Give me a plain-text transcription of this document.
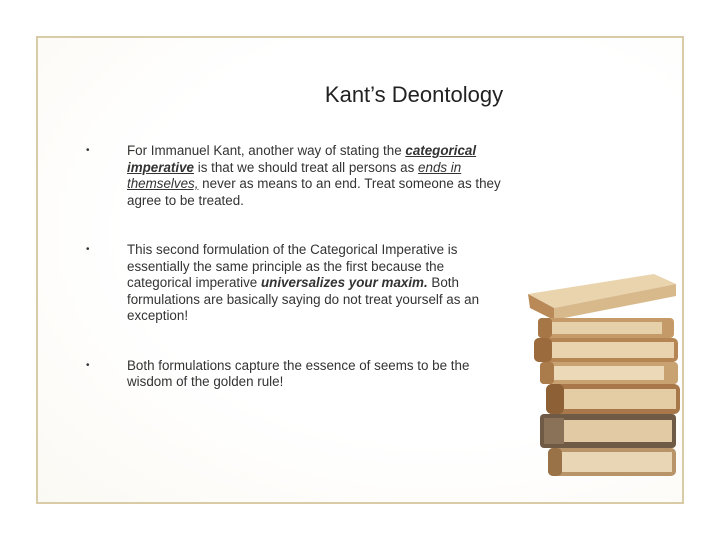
Kant’s Deontology
•	For Immanuel Kant, another way of stating the categorical imperative is that we should treat all persons as ends in themselves, never as means to an end. Treat someone as they agree to be treated.
•	This second formulation of the Categorical Imperative is essentially the same principle as the first because the categorical imperative universalizes your maxim. Both formulations are basically saying do not treat yourself as an exception!
•	Both formulations capture the essence of seems to be the wisdom of the golden rule!
